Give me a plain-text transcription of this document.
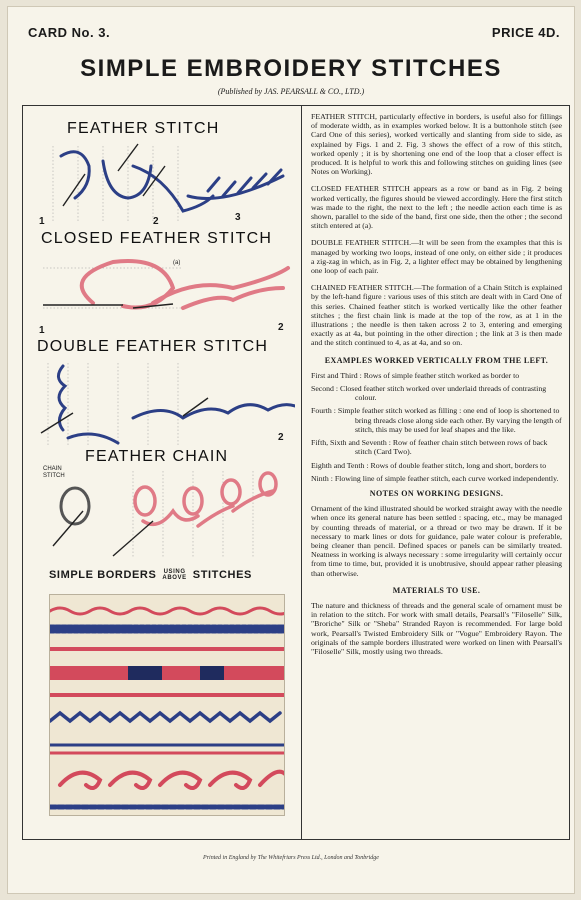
CARD No. 3.	PRICE 4D.
SIMPLE EMBROIDERY STITCHES
(Published by JAS. PEARSALL & CO., LTD.)
FEATHER STITCH
1	2	3
CLOSED FEATHER STITCH
(a)
1	2
DOUBLE FEATHER STITCH
2
FEATHER CHAIN
CHAIN STITCH
SIMPLE BORDERS USING
ABOVE STITCHES

FEATHER STITCH, particularly effective in borders, is useful also for fillings of moderate width, as in examples worked below. It is a buttonhole stitch (see Card One of this series), worked vertically and slanting from side to side, as explained by Figs. 1 and 2. Fig. 3 shows the effect of a row of this stitch, worked openly ; it is by shortening one end of the loop that a closer effect is produced. It is helpful to work this and following stitches on guiding lines (see Notes on Working).

CLOSED FEATHER STITCH appears as a row or band as in Fig. 2 being worked vertically, the figures should be viewed accordingly. Here the first stitch was made to the right, the next to the left ; the needle action each time is as shown, parallel to the side of the band, first one side, then the other ; the second stitch entered at (a).

DOUBLE FEATHER STITCH.—It will be seen from the examples that this is managed by working two loops, instead of one only, on either side ; it produces a zig-zag in which, as in Fig. 2, a lighter effect may be obtained by lengthening one loop of each pair.

CHAINED FEATHER STITCH.—The formation of a Chain Stitch is explained by the left-hand figure : various uses of this stitch are dealt with in Card One of this series. Chained feather stitch is worked vertically like the other feather stitches ; the first chain link is made at the top of the row, as at 1 in the illustrations ; the needle is then taken across 2 to 3, entering and emerging exactly as at 4a, but pointing in the other direction ; the link at 3 is then made and the stitch continued to 4, as at 4a, and so on.

EXAMPLES WORKED VERTICALLY FROM THE LEFT.
First and Third : Rows of simple feather stitch worked as border to
Second : Closed feather stitch worked over underlaid threads of contrasting colour.
Fourth : Simple feather stitch worked as filling : one end of loop is shortened to bring threads close along side each other. By varying the length of stitch, this may be used for leaf shapes and the like.
Fifth, Sixth and Seventh : Row of feather chain stitch between rows of back stitch (Card Two).
Eighth and Tenth : Rows of double feather stitch, long and short, borders to
Ninth : Flowing line of simple feather stitch, each curve worked independently.
NOTES ON WORKING DESIGNS.

Ornament of the kind illustrated should be worked straight away with the needle when once its general nature has been settled : spacing, etc., may be managed by counting threads of material, or a thread or two may be drawn. If it be necessary to mark lines or dots for guidance, pale water colour is preferable, being cleaner than pencil. Defined spaces or panels can be similarly treated. Neatness in working is always necessary : some irregularity will certainly occur from time to time, but, provided it is unobtrusive, should appear rather pleasing than otherwise.

MATERIALS TO USE.

The nature and thickness of threads and the general scale of ornament must be in relation to the stitch. For work with small details, Pearsall's "Filoselle" Silk, "Broriche" Silk or "Sheba" Stranded Rayon is recommended. For large bold work, Pearsall's Twisted Embroidery Silk or "Vogue" Embroidery Rayon. The originals of the sample borders illustrated were worked on linen with Pearsall's "Filoselle" Silk, mostly using two threads.

Printed in England by The Whitefriars Press Ltd., London and Tonbridge
